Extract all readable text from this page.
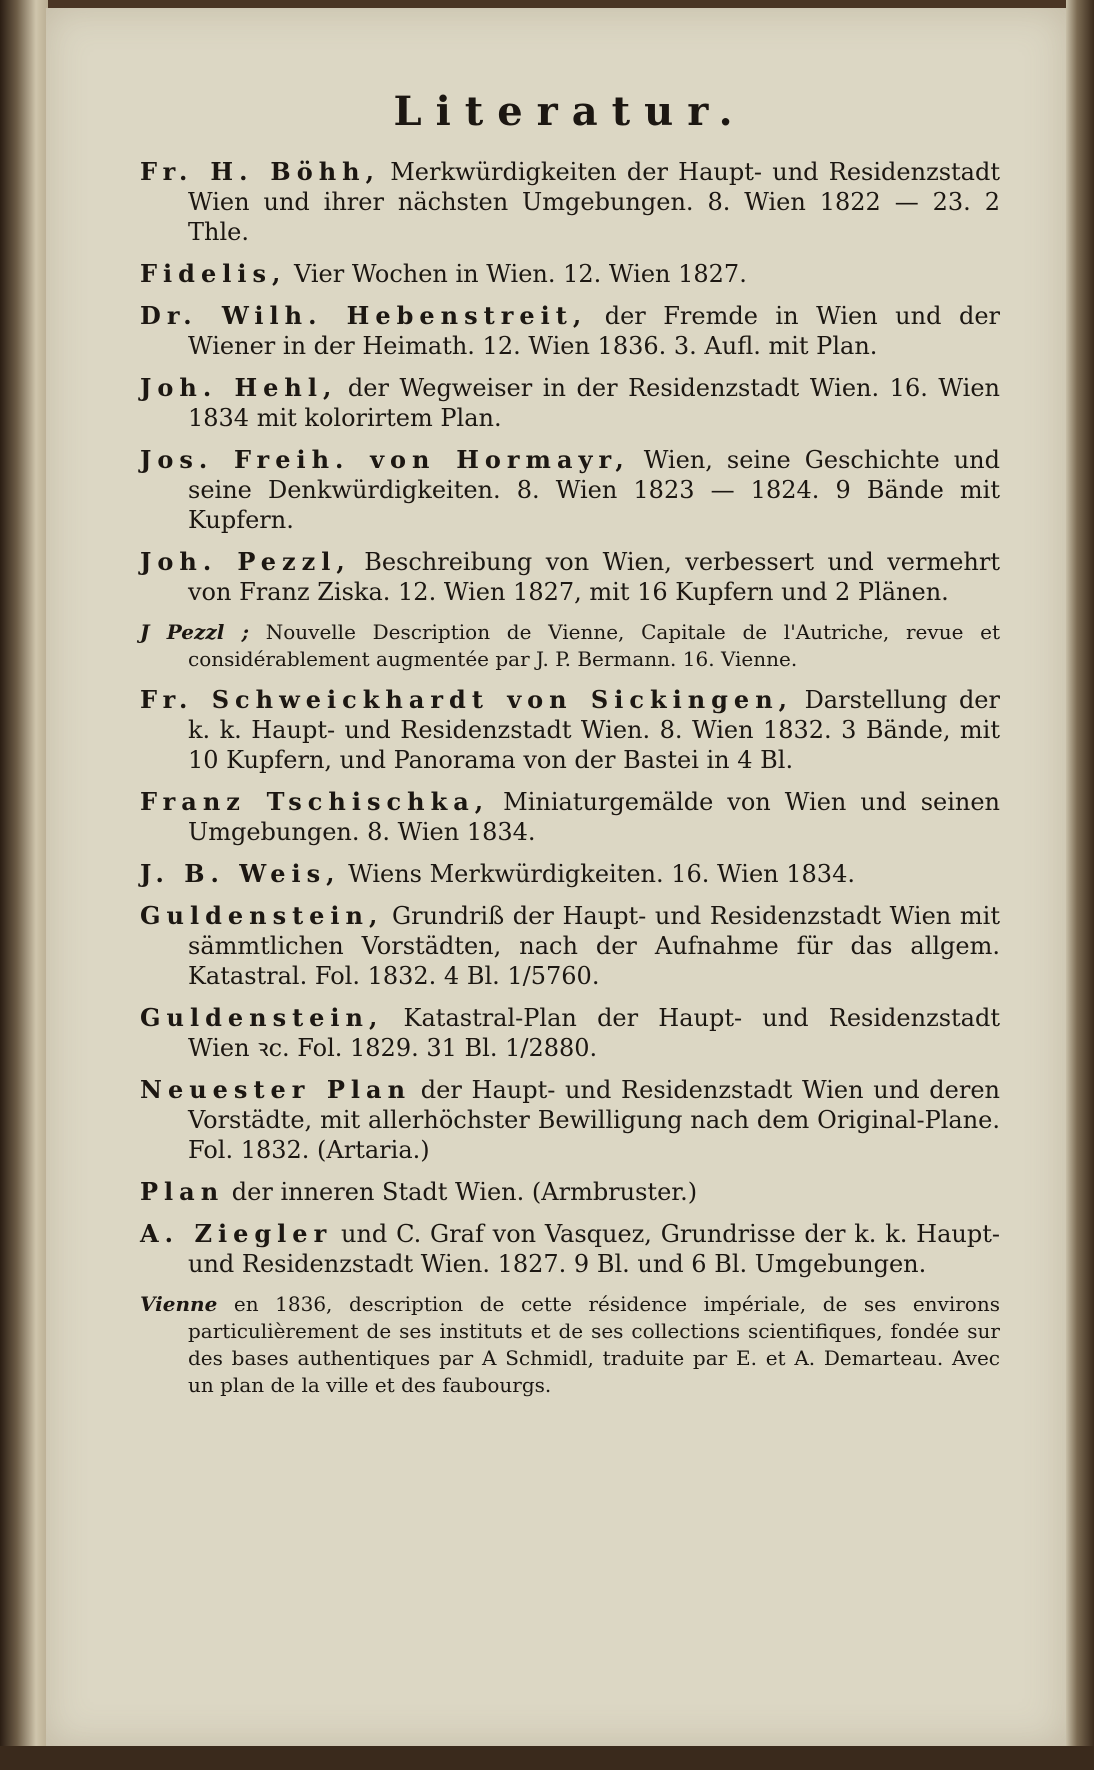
Literatur.
Fr. H. Böhh, Merkwürdigkeiten der Haupt- und Residenzstadt Wien und ihrer nächsten Umgebungen. 8. Wien 1822 — 23. 2 Thle.
Fidelis, Vier Wochen in Wien. 12. Wien 1827.
Dr. Wilh. Hebenstreit, der Fremde in Wien und der Wiener in der Heimath. 12. Wien 1836. 3. Aufl. mit Plan.
Joh. Hehl, der Wegweiser in der Residenzstadt Wien. 16. Wien 1834 mit kolorirtem Plan.
Jos. Freih. von Hormayr, Wien, seine Geschichte und seine Denkwürdigkeiten. 8. Wien 1823 — 1824. 9 Bände mit Kupfern.
Joh. Pezzl, Beschreibung von Wien, verbessert und vermehrt von Franz Ziska. 12. Wien 1827, mit 16 Kupfern und 2 Plänen.
J Pezzl ; Nouvelle Description de Vienne, Capitale de l'Autriche, revue et considérablement augmentée par J. P. Bermann. 16. Vienne.
Fr. Schweickhardt von Sickingen, Darstellung der k. k. Haupt- und Residenzstadt Wien. 8. Wien 1832. 3 Bände, mit 10 Kupfern, und Panorama von der Bastei in 4 Bl.
Franz Tschischka, Miniaturgemälde von Wien und seinen Umgebungen. 8. Wien 1834.
J. B. Weis, Wiens Merkwürdigkeiten. 16. Wien 1834.
Guldenstein, Grundriß der Haupt- und Residenzstadt Wien mit sämmtlichen Vorstädten, nach der Aufnahme für das allgem. Katastral. Fol. 1832. 4 Bl. 1/5760.
Guldenstein, Katastral-Plan der Haupt- und Residenzstadt Wien ꝛc. Fol. 1829. 31 Bl. 1/2880.
Neuester Plan der Haupt- und Residenzstadt Wien und deren Vorstädte, mit allerhöchster Bewilligung nach dem Original-Plane. Fol. 1832. (Artaria.)
Plan der inneren Stadt Wien. (Armbruster.)
A. Ziegler und C. Graf von Vasquez, Grundrisse der k. k. Haupt- und Residenzstadt Wien. 1827. 9 Bl. und 6 Bl. Umgebungen.
Vienne en 1836, description de cette résidence impériale, de ses environs particulièrement de ses instituts et de ses collections scientifiques, fondée sur des bases authentiques par A Schmidl, traduite par E. et A. Demarteau. Avec un plan de la ville et des faubourgs.
